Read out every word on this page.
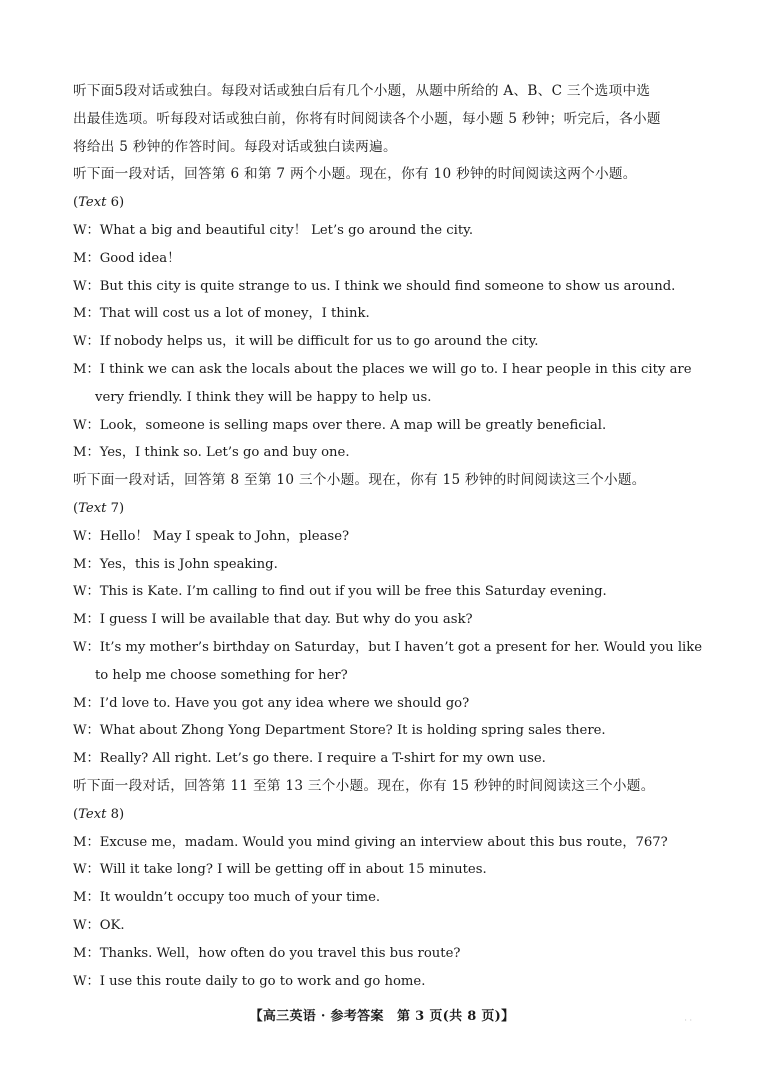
听下面5段对话或独白。每段对话或独白后有几个小题，从题中所给的 A、B、C 三个选项中选
出最佳选项。听每段对话或独白前，你将有时间阅读各个小题，每小题 5 秒钟；听完后，各小题
将给出 5 秒钟的作答时间。每段对话或独白读两遍。
听下面一段对话，回答第 6 和第 7 两个小题。现在，你有 10 秒钟的时间阅读这两个小题。
(Text 6)
W：What a big and beautiful city！ Let’s go around the city.
M：Good idea！
W：But this city is quite strange to us. I think we should find someone to show us around.
M：That will cost us a lot of money，I think.
W：If nobody helps us，it will be difficult for us to go around the city.
M：I think we can ask the locals about the places we will go to. I hear people in this city are
very friendly. I think they will be happy to help us.
W：Look，someone is selling maps over there. A map will be greatly beneficial.
M：Yes，I think so. Let’s go and buy one.
听下面一段对话，回答第 8 至第 10 三个小题。现在，你有 15 秒钟的时间阅读这三个小题。
(Text 7)
W：Hello！ May I speak to John，please?
M：Yes，this is John speaking.
W：This is Kate. I’m calling to find out if you will be free this Saturday evening.
M：I guess I will be available that day. But why do you ask?
W：It’s my mother’s birthday on Saturday，but I haven’t got a present for her. Would you like
to help me choose something for her?
M：I’d love to. Have you got any idea where we should go?
W：What about Zhong Yong Department Store? It is holding spring sales there.
M：Really? All right. Let’s go there. I require a T-shirt for my own use.
听下面一段对话，回答第 11 至第 13 三个小题。现在，你有 15 秒钟的时间阅读这三个小题。
(Text 8)
M：Excuse me，madam. Would you mind giving an interview about this bus route，767?
W：Will it take long? I will be getting off in about 15 minutes.
M：It wouldn’t occupy too much of your time.
W：OK.
M：Thanks. Well，how often do you travel this bus route?
W：I use this route daily to go to work and go home.
【高三英语 · 参考答案　第 3 页(共 8 页)】	· ·
